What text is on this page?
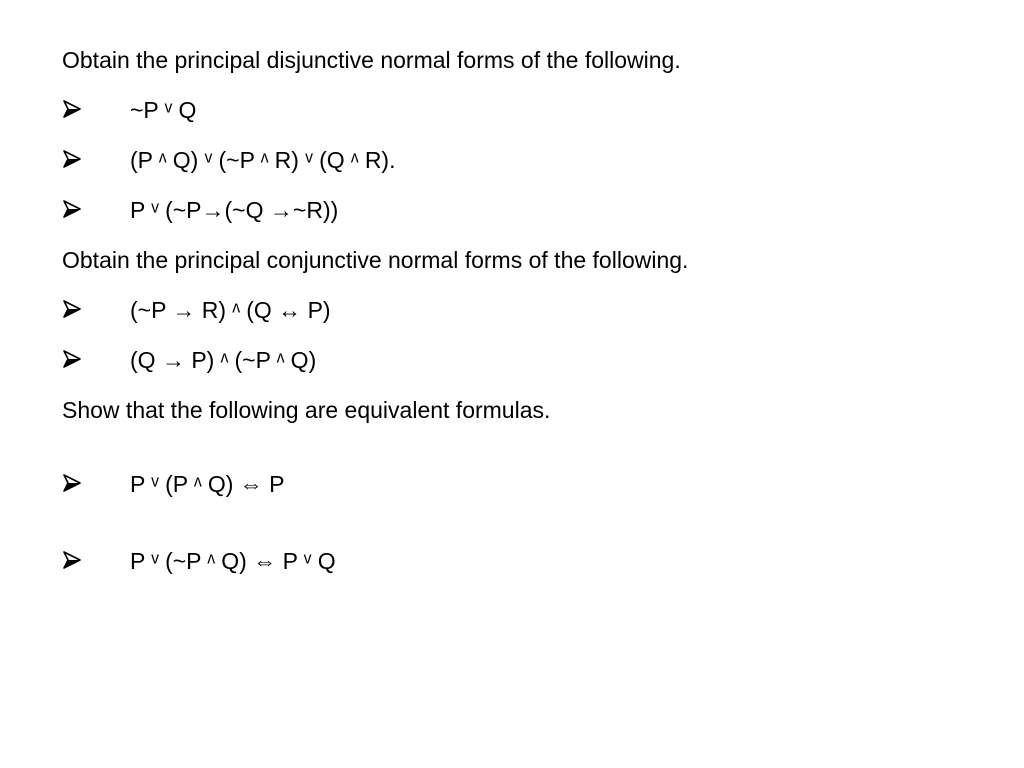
Obtain the principal disjunctive normal forms of the following.
~P ᵛ Q
(P ᶺ Q) ᵛ (~P ᶺ R) ᵛ (Q ᶺ R).
P ᵛ (~P→(~Q →~R))
Obtain the principal conjunctive normal forms of the following.
(~P → R) ᶺ (Q ↔ P)
(Q → P) ᶺ (~P ᶺ Q)
Show that the following are equivalent formulas.
P ᵛ (P ᶺ Q) ⇔ P
P ᵛ (~P ᶺ Q) ⇔ P ᵛ Q
